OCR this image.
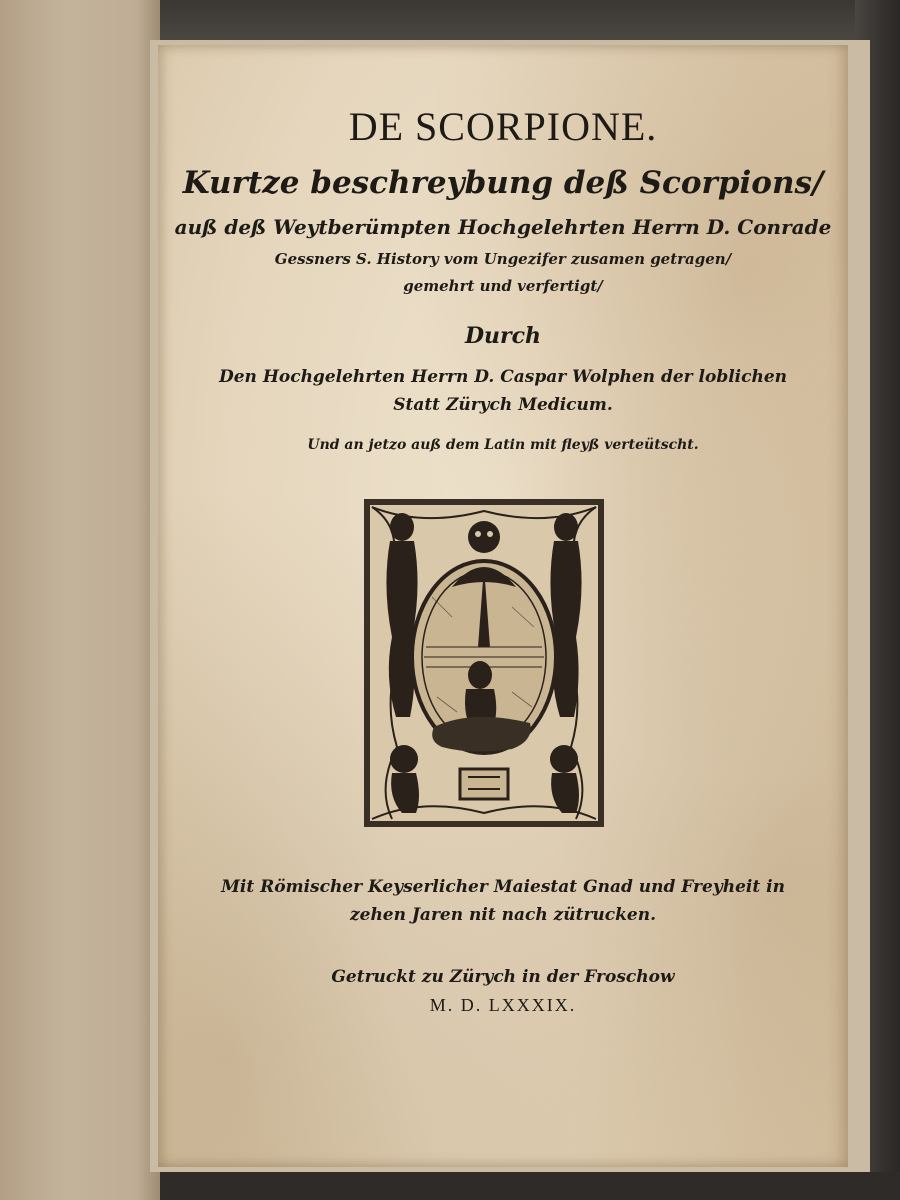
DE SCORPIONE.
Kurtze beschreybung deß Scorpions/
auß deß Weytberümpten Hochgelehrten Herrn D. Conrade
Gessners S. History vom Ungezifer zusamen getragen/
gemehrt und verfertigt/
Durch
Den Hochgelehrten Herrn D. Caspar Wolphen der loblichen
Statt Zürych Medicum.
Und an jetzo auß dem Latin mit fleyß verteütscht.
Mit Römischer Keyserlicher Maiestat Gnad und Freyheit in
zehen Jaren nit nach zütrucken.
Getruckt zu Zürych in der Froschow
M. D. LXXXIX.
